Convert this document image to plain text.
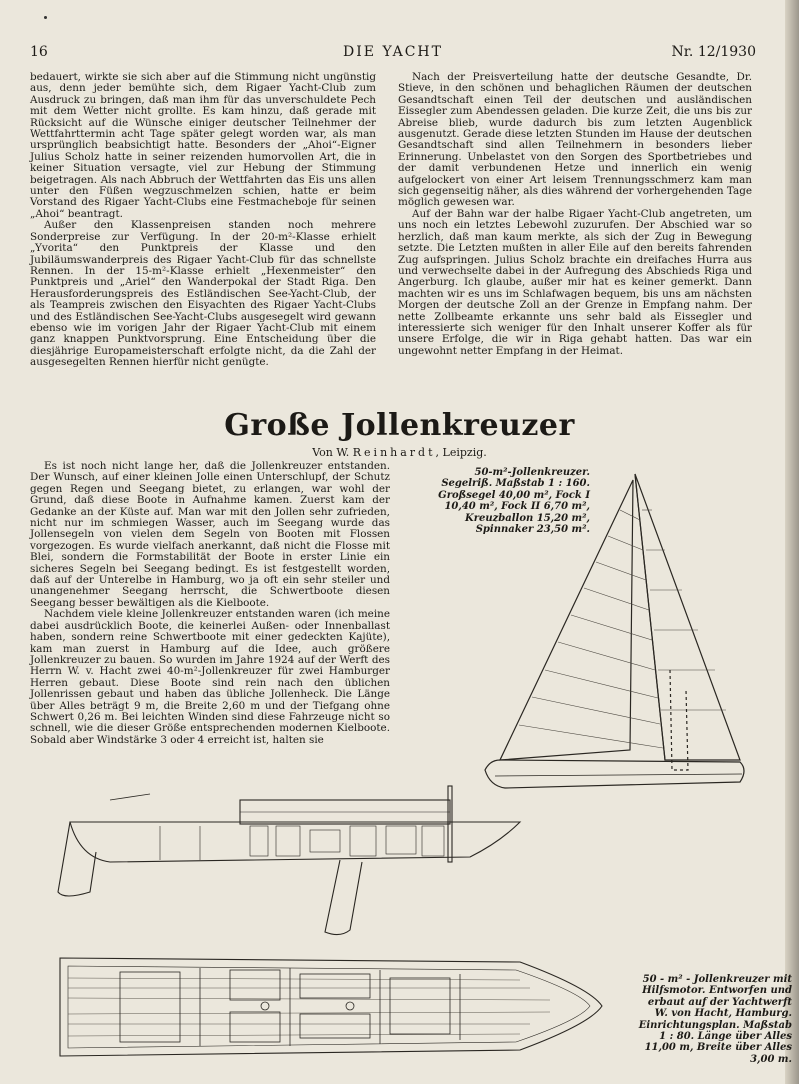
16	DIE YACHT	Nr. 12/1930

bedauert, wirkte sie sich aber auf die Stimmung nicht ungünstig aus, denn jeder bemühte sich, dem Rigaer Yacht-Club zum Ausdruck zu bringen, daß man ihm für das unverschuldete Pech mit dem Wetter nicht grollte. Es kam hinzu, daß gerade mit Rücksicht auf die Wünsche einiger deutscher Teilnehmer der Wettfahrttermin acht Tage später gelegt worden war, als man ursprünglich beabsichtigt hatte. Besonders der „Ahoi“-Eigner Julius Scholz hatte in seiner reizenden humorvollen Art, die in keiner Situation versagte, viel zur Hebung der Stimmung beigetragen. Als nach Abbruch der Wettfahrten das Eis uns allen unter den Füßen wegzuschmelzen schien, hatte er beim Vorstand des Rigaer Yacht-Clubs eine Festmacheboje für seinen „Ahoi“ beantragt.

Außer den Klassenpreisen standen noch mehrere Sonderpreise zur Verfügung. In der 20-m²-Klasse erhielt „Yvorita“ den Punktpreis der Klasse und den Jubiläumswanderpreis des Rigaer Yacht-Club für das schnellste Rennen. In der 15-m²-Klasse erhielt „Hexenmeister“ den Punktpreis und „Ariel“ den Wanderpokal der Stadt Riga. Den Herausforderungspreis des Estländischen See-Yacht-Club, der als Teampreis zwischen den Eisyachten des Rigaer Yacht-Clubs und des Estländischen See-Yacht-Clubs ausgesegelt wird gewann ebenso wie im vorigen Jahr der Rigaer Yacht-Club mit einem ganz knappen Punktvorsprung. Eine Entscheidung über die diesjährige Europameisterschaft erfolgte nicht, da die Zahl der ausgesegelten Rennen hierfür nicht genügte.

Nach der Preisverteilung hatte der deutsche Gesandte, Dr. Stieve, in den schönen und behaglichen Räumen der deutschen Gesandtschaft einen Teil der deutschen und ausländischen Eissegler zum Abendessen geladen. Die kurze Zeit, die uns bis zur Abreise blieb, wurde dadurch bis zum letzten Augenblick ausgenutzt. Gerade diese letzten Stunden im Hause der deutschen Gesandtschaft sind allen Teilnehmern in besonders lieber Erinnerung. Unbelastet von den Sorgen des Sportbetriebes und der damit verbundenen Hetze und innerlich ein wenig aufgelockert von einer Art leisem Trennungsschmerz kam man sich gegenseitig näher, als dies während der vorhergehenden Tage möglich gewesen war.

Auf der Bahn war der halbe Rigaer Yacht-Club angetreten, um uns noch ein letztes Lebewohl zuzurufen. Der Abschied war so herzlich, daß man kaum merkte, als sich der Zug in Bewegung setzte. Die Letzten mußten in aller Eile auf den bereits fahrenden Zug aufspringen. Julius Scholz brachte ein dreifaches Hurra aus und verwechselte dabei in der Aufregung des Abschieds Riga und Angerburg. Ich glaube, außer mir hat es keiner gemerkt. Dann machten wir es uns im Schlafwagen bequem, bis uns am nächsten Morgen der deutsche Zoll an der Grenze in Empfang nahm. Der nette Zollbeamte erkannte uns sehr bald als Eissegler und interessierte sich weniger für den Inhalt unserer Koffer als für unsere Erfolge, die wir in Riga gehabt hatten. Das war ein ungewohnt netter Empfang in der Heimat.

Große Jollenkreuzer
Von W. Reinhardt, Leipzig.

Es ist noch nicht lange her, daß die Jollenkreuzer entstanden. Der Wunsch, auf einer kleinen Jolle einen Unterschlupf, der Schutz gegen Regen und Seegang bietet, zu erlangen, war wohl der Grund, daß diese Boote in Aufnahme kamen. Zuerst kam der Gedanke an der Küste auf. Man war mit den Jollen sehr zufrieden, nicht nur im schmiegen Wasser, auch im Seegang wurde das Jollensegeln von vielen dem Segeln von Booten mit Flossen vorgezogen. Es wurde vielfach anerkannt, daß nicht die Flosse mit Blei, sondern die Formstabilität der Boote in erster Linie ein sicheres Segeln bei Seegang bedingt. Es ist festgestellt worden, daß auf der Unterelbe in Hamburg, wo ja oft ein sehr steiler und unangenehmer Seegang herrscht, die Schwertboote diesen Seegang besser bewältigen als die Kielboote.

Nachdem viele kleine Jollenkreuzer entstanden waren (ich meine dabei ausdrücklich Boote, die keinerlei Außen- oder Innenballast haben, sondern reine Schwertboote mit einer gedeckten Kajüte), kam man zuerst in Hamburg auf die Idee, auch größere Jollenkreuzer zu bauen. So wurden im Jahre 1924 auf der Werft des Herrn W. v. Hacht zwei 40-m²-Jollenkreuzer für zwei Hamburger Herren gebaut. Diese Boote sind rein nach den üblichen Jollenrissen gebaut und haben das übliche Jollenheck. Die Länge über Alles beträgt 9 m, die Breite 2,60 m und der Tiefgang ohne Schwert 0,26 m. Bei leichten Winden sind diese Fahrzeuge nicht so schnell, wie die dieser Größe entsprechenden modernen Kielboote. Sobald aber Windstärke 3 oder 4 erreicht ist, halten sie

50-m²-Jollenkreuzer.
Segelriß. Maßstab 1 : 160.
Großsegel 40,00 m², Fock I
10,40 m², Fock II 6,70 m²,
Kreuzballon 15,20 m²,
Spinnaker 23,50 m².
50 - m² - Jollenkreuzer mit
Hilfsmotor. Entworfen und
erbaut auf der Yachtwerft
W. von Hacht, Hamburg.
Einrichtungsplan. Maßstab
1 : 80. Länge über Alles
11,00 m, Breite über Alles
3,00 m.
